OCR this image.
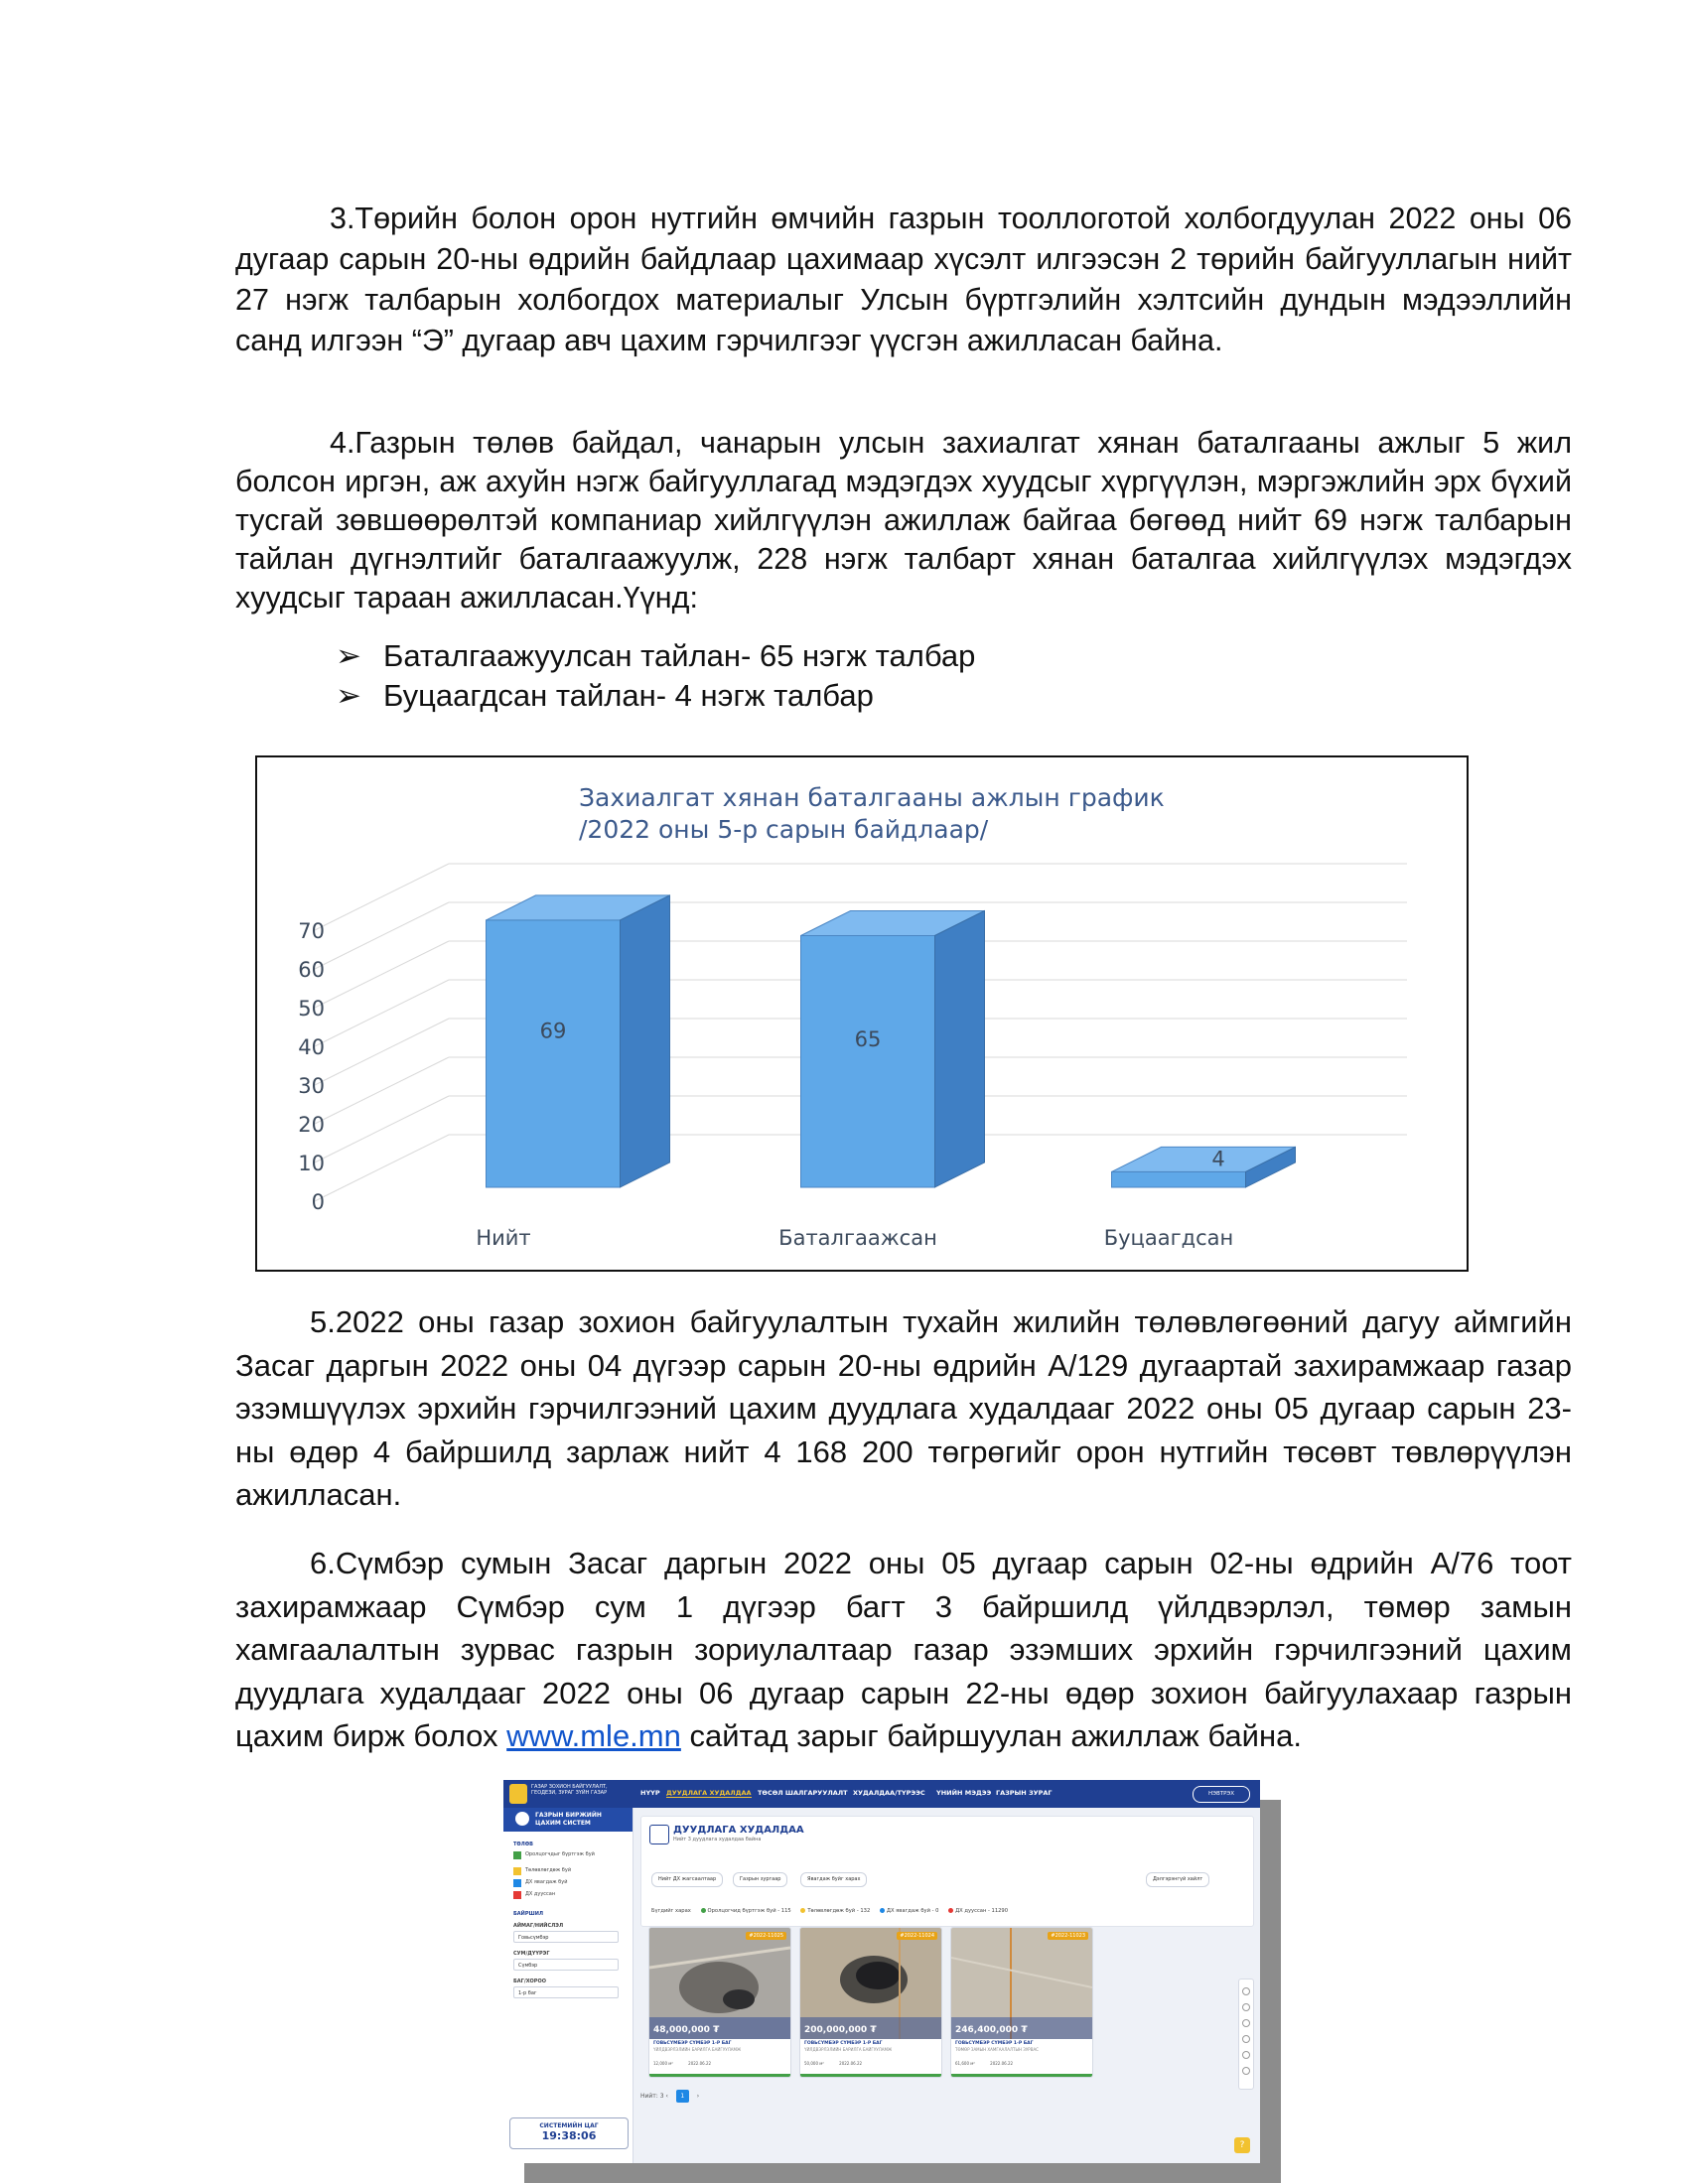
3.Төрийн болон орон нутгийн өмчийн газрын тооллоготой холбогдуулан 2022 оны 06 дугаар сарын 20-ны өдрийн байдлаар цахимаар хүсэлт илгээсэн 2 төрийн байгууллагын нийт 27 нэгж талбарын холбогдох материалыг Улсын бүртгэлийн хэлтсийн дундын мэдээллийн санд илгээн “Э” дугаар авч цахим гэрчилгээг үүсгэн ажилласан байна.

4.Газрын төлөв байдал, чанарын улсын захиалгат хянан баталгааны ажлыг 5 жил болсон иргэн, аж ахуйн нэгж байгууллагад мэдэгдэх хуудсыг хүргүүлэн, мэргэжлийн эрх бүхий тусгай зөвшөөрөлтэй компаниар хийлгүүлэн ажиллаж байгаа бөгөөд нийт 69 нэгж талбарын тайлан дүгнэлтийг баталгаажуулж, 228 нэгж талбарт хянан баталгаа хийлгүүлэх мэдэгдэх хуудсыг тараан ажилласан.Үүнд:

➢ Баталгаажуулсан тайлан- 65 нэгж талбар
➢ Буцаагдсан тайлан- 4 нэгж талбар
Захиалгат хянан баталгааны ажлын график
/2022 оны 5-р сарын байдлаар/
0
10
20
30
40
50
60
70
69
Нийт
65
Баталгаажсан
4
Буцаагдсан

5.2022 оны газар зохион байгуулалтын тухайн жилийн төлөвлөгөөний дагуу аймгийн Засаг даргын 2022 оны 04 дүгээр сарын 20-ны өдрийн А/129 дугаартай захирамжаар газар эзэмшүүлэх эрхийн гэрчилгээний цахим дуудлага худалдааг 2022 оны 05 дугаар сарын 23-ны өдөр 4 байршилд зарлаж нийт 4 168 200 төгрөгийг орон нутгийн төсөвт төвлөрүүлэн ажилласан.

6.Сүмбэр сумын Засаг даргын 2022 оны 05 дугаар сарын 02-ны өдрийн А/76 тоот захирамжаар Сүмбэр сум 1 дүгээр багт 3 байршилд үйлдвэрлэл, төмөр замын хамгаалалтын зурвас газрын зориулалтаар газар эзэмших эрхийн гэрчилгээний цахим дуудлага худалдааг 2022 оны 06 дугаар сарын 22-ны өдөр зохион байгуулахаар газрын цахим бирж болох www.mle.mn сайтад зарыг байршуулан ажиллаж байна.

ГАЗАР ЗОХИОН БАЙГУУЛАЛТ, ГЕОДЕЗИ, ЗУРАГ ЗҮЙН ГАЗАР
ГАЗРЫН БИРЖИЙН ЦАХИМ СИСТЕМ
ТӨЛӨВ
Оролцогчдыг бүртгэж буй
Төлөвлөгдөж буй
ДХ явагдаж буй
ДХ дууссан
БАЙРШИЛ
АЙМАГ/НИЙСЛЭЛ
Говьсүмбэр
СУМ/ДҮҮРЭГ
Сүмбэр
БАГ/ХОРОО
1-р баг
СИСТЕМИЙН ЦАГ
19:38:06
НҮҮР ДУУДЛАГА ХУДАЛДАА ТӨСӨЛ ШАЛГАРУУЛАЛТ ХУДАЛДАА/ТҮРЭЭС ҮНИЙН МЭДЭЭ ГАЗРЫН ЗУРАГ	НЭВТРЭХ
ДУУДЛАГА ХУДАЛДАА
Нийт 3 дуудлага худалдаа байна
Нийт ДХ жагсаалтаар	Газрын зургаар	Явагдаж буйг харах	Дэлгэрэнгүй хайлт
Бүгдийг харах	Оролцогчид бүртгэж буй - 115	Төлөвлөгдөж буй - 132	ДХ явагдаж буй - 0	ДХ дууссан - 11290
#2022-11025
48,000,000 ₮
ГОВЬСҮМБЭР СҮМБЭР 1-Р БАГ
ҮЙЛДВЭРЛЭЛИЙН БАРИЛГА БАЙГУУЛАМЖ
12,000 м²	2022.06.22
#2022-11024
200,000,000 ₮
ГОВЬСҮМБЭР СҮМБЭР 1-Р БАГ
ҮЙЛДВЭРЛЭЛИЙН БАРИЛГА БАЙГУУЛАМЖ
50,000 м²	2022.06.22
#2022-11023
246,400,000 ₮
ГОВЬСҮМБЭР СҮМБЭР 1-Р БАГ
ТӨМӨР ЗАМЫН ХАМГААЛАЛТЫН ЗУРВАС
61,600 м²	2022.06.22
Нийт: 3 ‹ 1 ›
?
